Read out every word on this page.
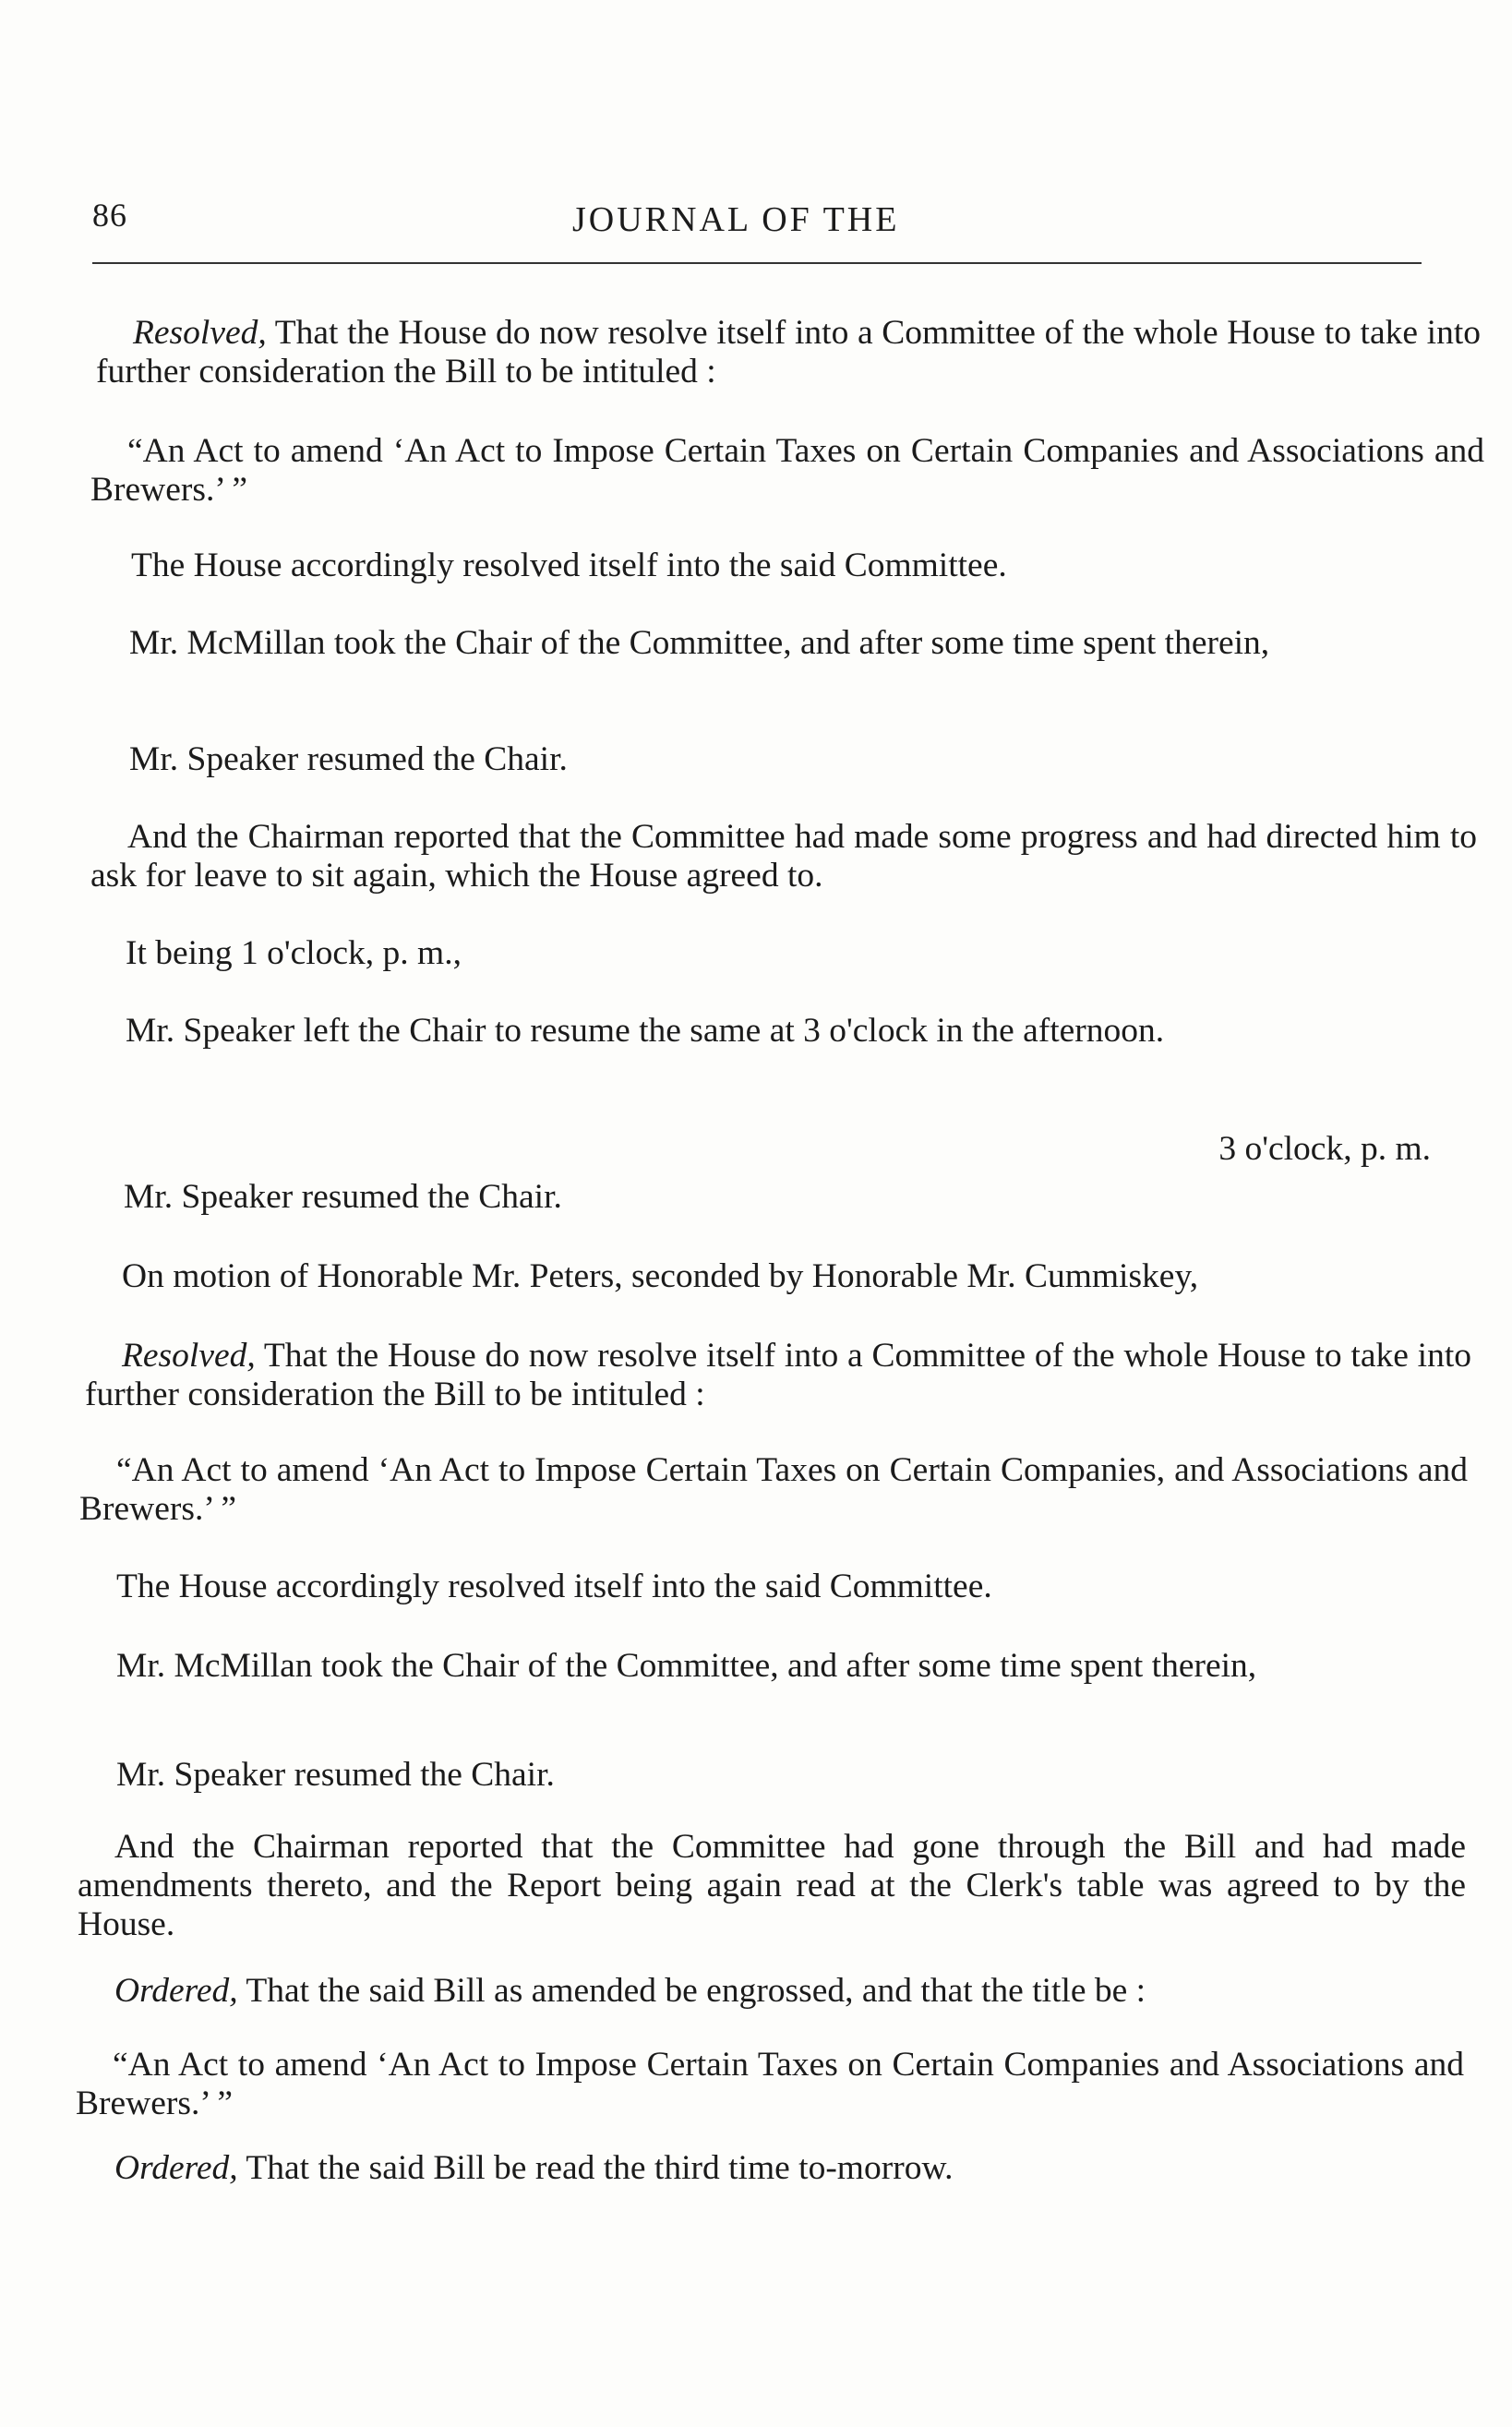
86	JOURNAL OF THE
Resolved, That the House do now resolve itself into a Committee of the whole House to take into further consideration the Bill to be intituled :
“An Act to amend ‘An Act to Impose Certain Taxes on Certain Companies and Associations and Brewers.’ ”
The House accordingly resolved itself into the said Committee.
Mr. McMillan took the Chair of the Committee, and after some time spent therein,
Mr. Speaker resumed the Chair.
And the Chairman reported that the Committee had made some progress and had directed him to ask for leave to sit again, which the House agreed to.
It being 1 o'clock, p. m.,
Mr. Speaker left the Chair to resume the same at 3 o'clock in the afternoon.
3 o'clock, p. m.
Mr. Speaker resumed the Chair.
On motion of Honorable Mr. Peters, seconded by Honorable Mr. Cummiskey,
Resolved, That the House do now resolve itself into a Committee of the whole House to take into further consideration the Bill to be intituled :
“An Act to amend ‘An Act to Impose Certain Taxes on Certain Companies, and Associations and Brewers.’ ”
The House accordingly resolved itself into the said Committee.
Mr. McMillan took the Chair of the Committee, and after some time spent therein,
Mr. Speaker resumed the Chair.
And the Chairman reported that the Committee had gone through the Bill and had made amendments thereto, and the Report being again read at the Clerk's table was agreed to by the House.
Ordered, That the said Bill as amended be engrossed, and that the title be :
“An Act to amend ‘An Act to Impose Certain Taxes on Certain Companies and Associations and Brewers.’ ”
Ordered, That the said Bill be read the third time to-morrow.
